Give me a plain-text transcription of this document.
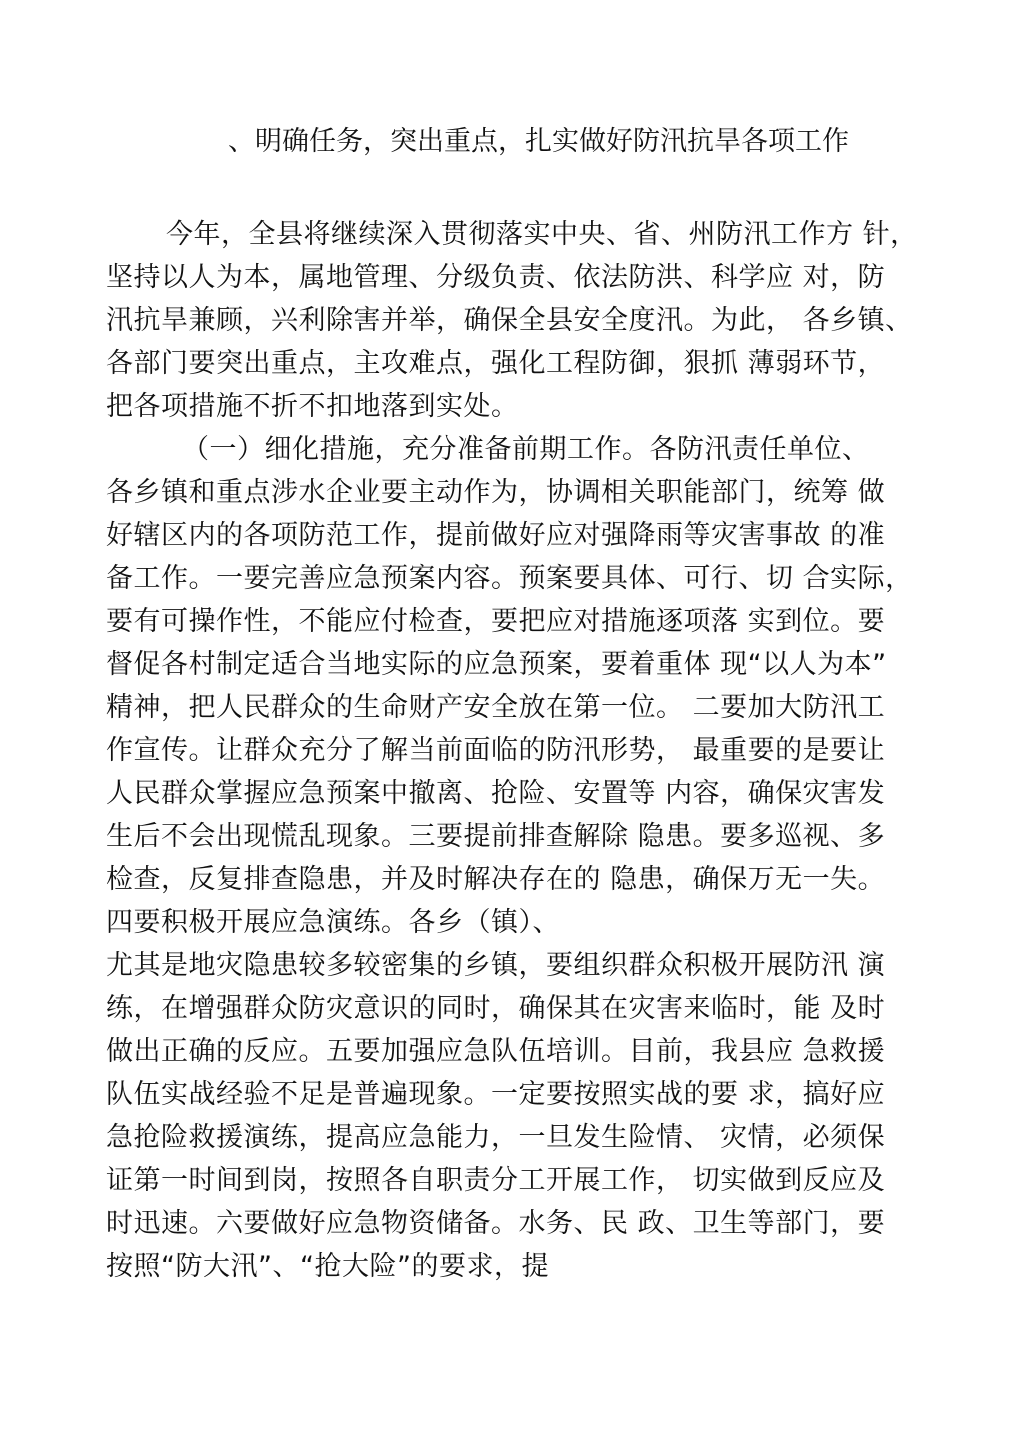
、明确任务，突出重点，扎实做好防汛抗旱各项工作
今年，全县将继续深入贯彻落实中央、省、州防汛工作方 针，
坚持以人为本，属地管理、分级负责、依法防洪、科学应 对，防
汛抗旱兼顾，兴利除害并举，确保全县安全度汛。为此， 各乡镇、
各部门要突出重点，主攻难点，强化工程防御，狠抓 薄弱环节，
把各项措施不折不扣地落到实处。
（一）细化措施，充分准备前期工作。各防汛责任单位、
各乡镇和重点涉水企业要主动作为，协调相关职能部门，统筹 做
好辖区内的各项防范工作，提前做好应对强降雨等灾害事故 的准
备工作。一要完善应急预案内容。预案要具体、可行、切 合实际，
要有可操作性，不能应付检查，要把应对措施逐项落 实到位。要
督促各村制定适合当地实际的应急预案，要着重体 现“以人为本”
精神，把人民群众的生命财产安全放在第一位。 二要加大防汛工
作宣传。让群众充分了解当前面临的防汛形势， 最重要的是要让
人民群众掌握应急预案中撤离、抢险、安置等 内容，确保灾害发
生后不会出现慌乱现象。三要提前排查解除 隐患。要多巡视、多
检查，反复排查隐患，并及时解决存在的 隐患，确保万无一失。
四要积极开展应急演练。各乡（镇）、
尤其是地灾隐患较多较密集的乡镇，要组织群众积极开展防汛 演
练，在增强群众防灾意识的同时，确保其在灾害来临时，能 及时
做出正确的反应。五要加强应急队伍培训。目前，我县应 急救援
队伍实战经验不足是普遍现象。一定要按照实战的要 求，搞好应
急抢险救援演练，提高应急能力，一旦发生险情、 灾情，必须保
证第一时间到岗，按照各自职责分工开展工作， 切实做到反应及
时迅速。六要做好应急物资储备。水务、民 政、卫生等部门，要
按照“防大汛”、“抢大险”的要求，提
